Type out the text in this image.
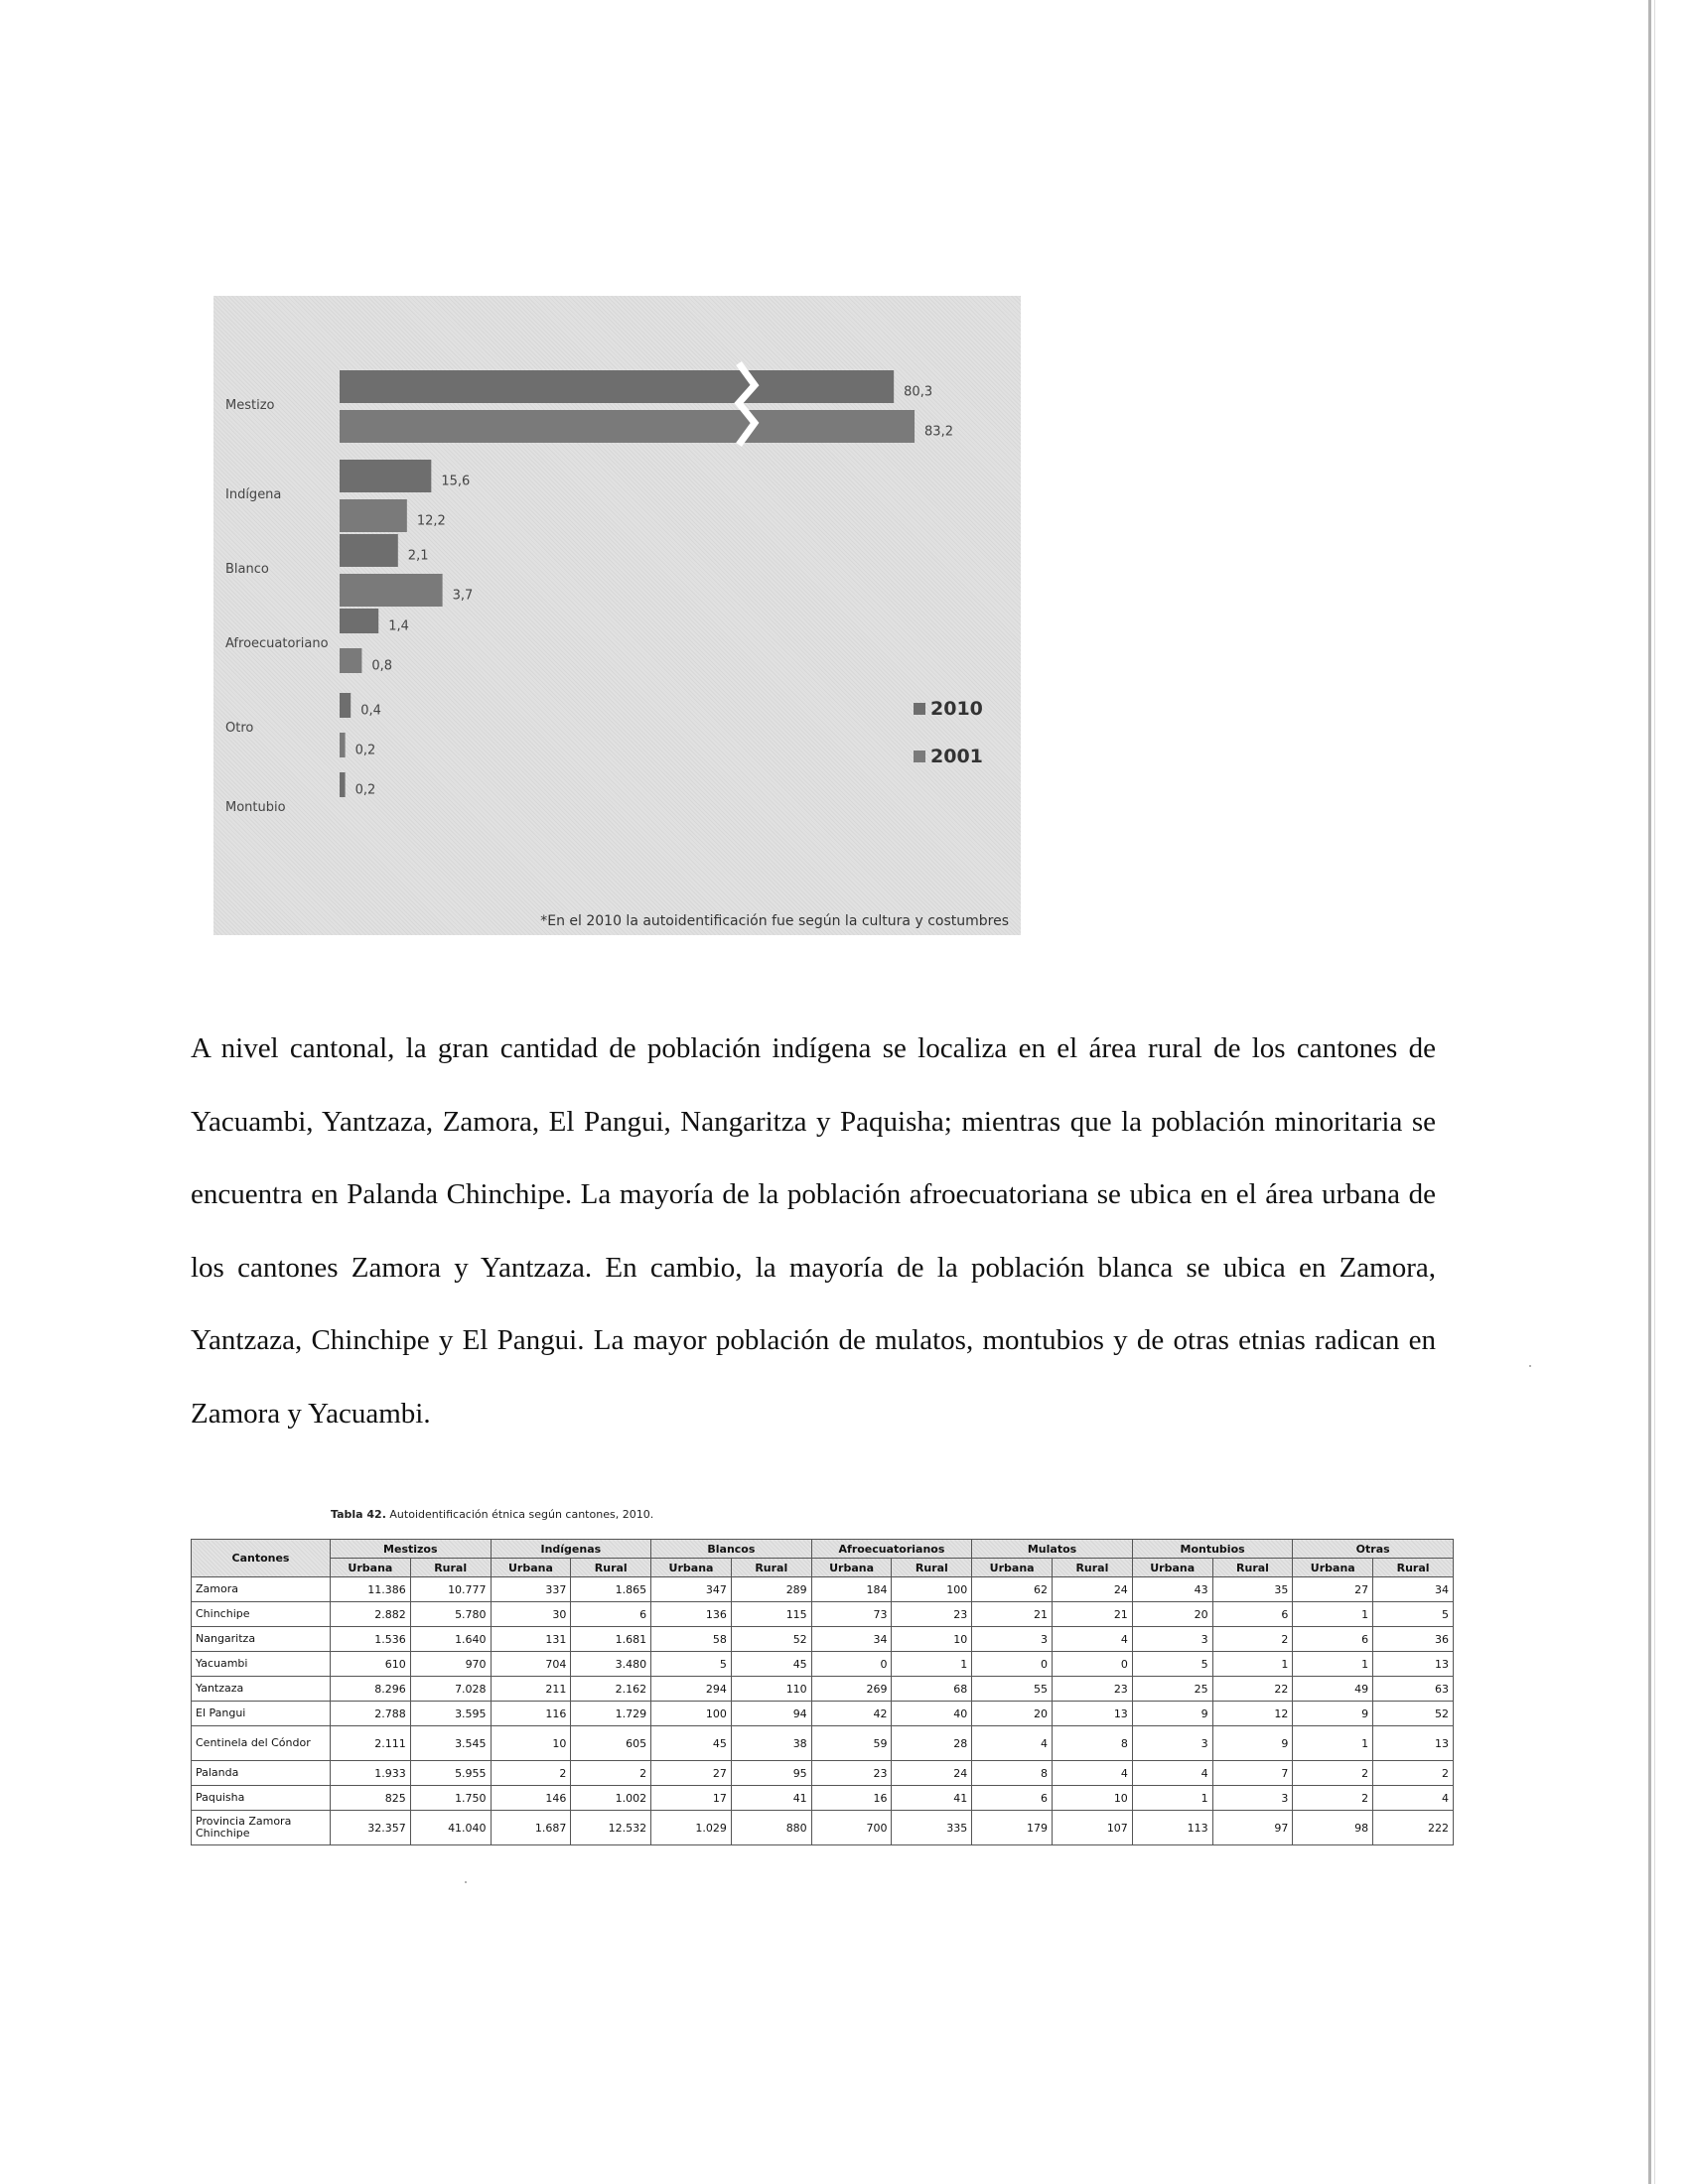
Mestizo
80,3
83,2
Indígena
15,6
12,2
Blanco
2,1
3,7
Afroecuatoriano
1,4
0,8
Otro
0,4
0,2
Montubio
0,2
2010
2001
*En el 2010 la autoidentificación fue según la cultura y costumbres
A nivel cantonal, la gran cantidad de población indígena se localiza en el área rural de los cantones de Yacuambi, Yantzaza, Zamora, El Pangui, Nangaritza y Paquisha; mientras que la población minoritaria se encuentra en Palanda Chinchipe. La mayoría de la población afroecuatoriana se ubica en el área urbana de los cantones Zamora y Yantzaza. En cambio, la mayoría de la población blanca se ubica en Zamora, Yantzaza, Chinchipe y El Pangui. La mayor población de mulatos, montubios y de otras etnias radican en Zamora y Yacuambi.
Tabla 42. Autoidentificación étnica según cantones, 2010.
Cantones	Mestizos		Indígenas		Blancos		Afroecuatorianos		Mulatos		Montubios		Otras	
	Urbana	Rural	Urbana	Rural	Urbana	Rural	Urbana	Rural	Urbana	Rural	Urbana	Rural	Urbana	Rural
Zamora	11.386	10.777	337	1.865	347	289	184	100	62	24	43	35	27	34
Chinchipe	2.882	5.780	30	6	136	115	73	23	21	21	20	6	1	5
Nangaritza	1.536	1.640	131	1.681	58	52	34	10	3	4	3	2	6	36
Yacuambi	610	970	704	3.480	5	45	0	1	0	0	5	1	1	13
Yantzaza	8.296	7.028	211	2.162	294	110	269	68	55	23	25	22	49	63
El Pangui	2.788	3.595	116	1.729	100	94	42	40	20	13	9	12	9	52
Centinela del Cóndor	2.111	3.545	10	605	45	38	59	28	4	8	3	9	1	13
Palanda	1.933	5.955	2	2	27	95	23	24	8	4	4	7	2	2
Paquisha	825	1.750	146	1.002	17	41	16	41	6	10	1	3	2	4
Provincia Zamora Chinchipe	32.357	41.040	1.687	12.532	1.029	880	700	335	179	107	113	97	98	222
